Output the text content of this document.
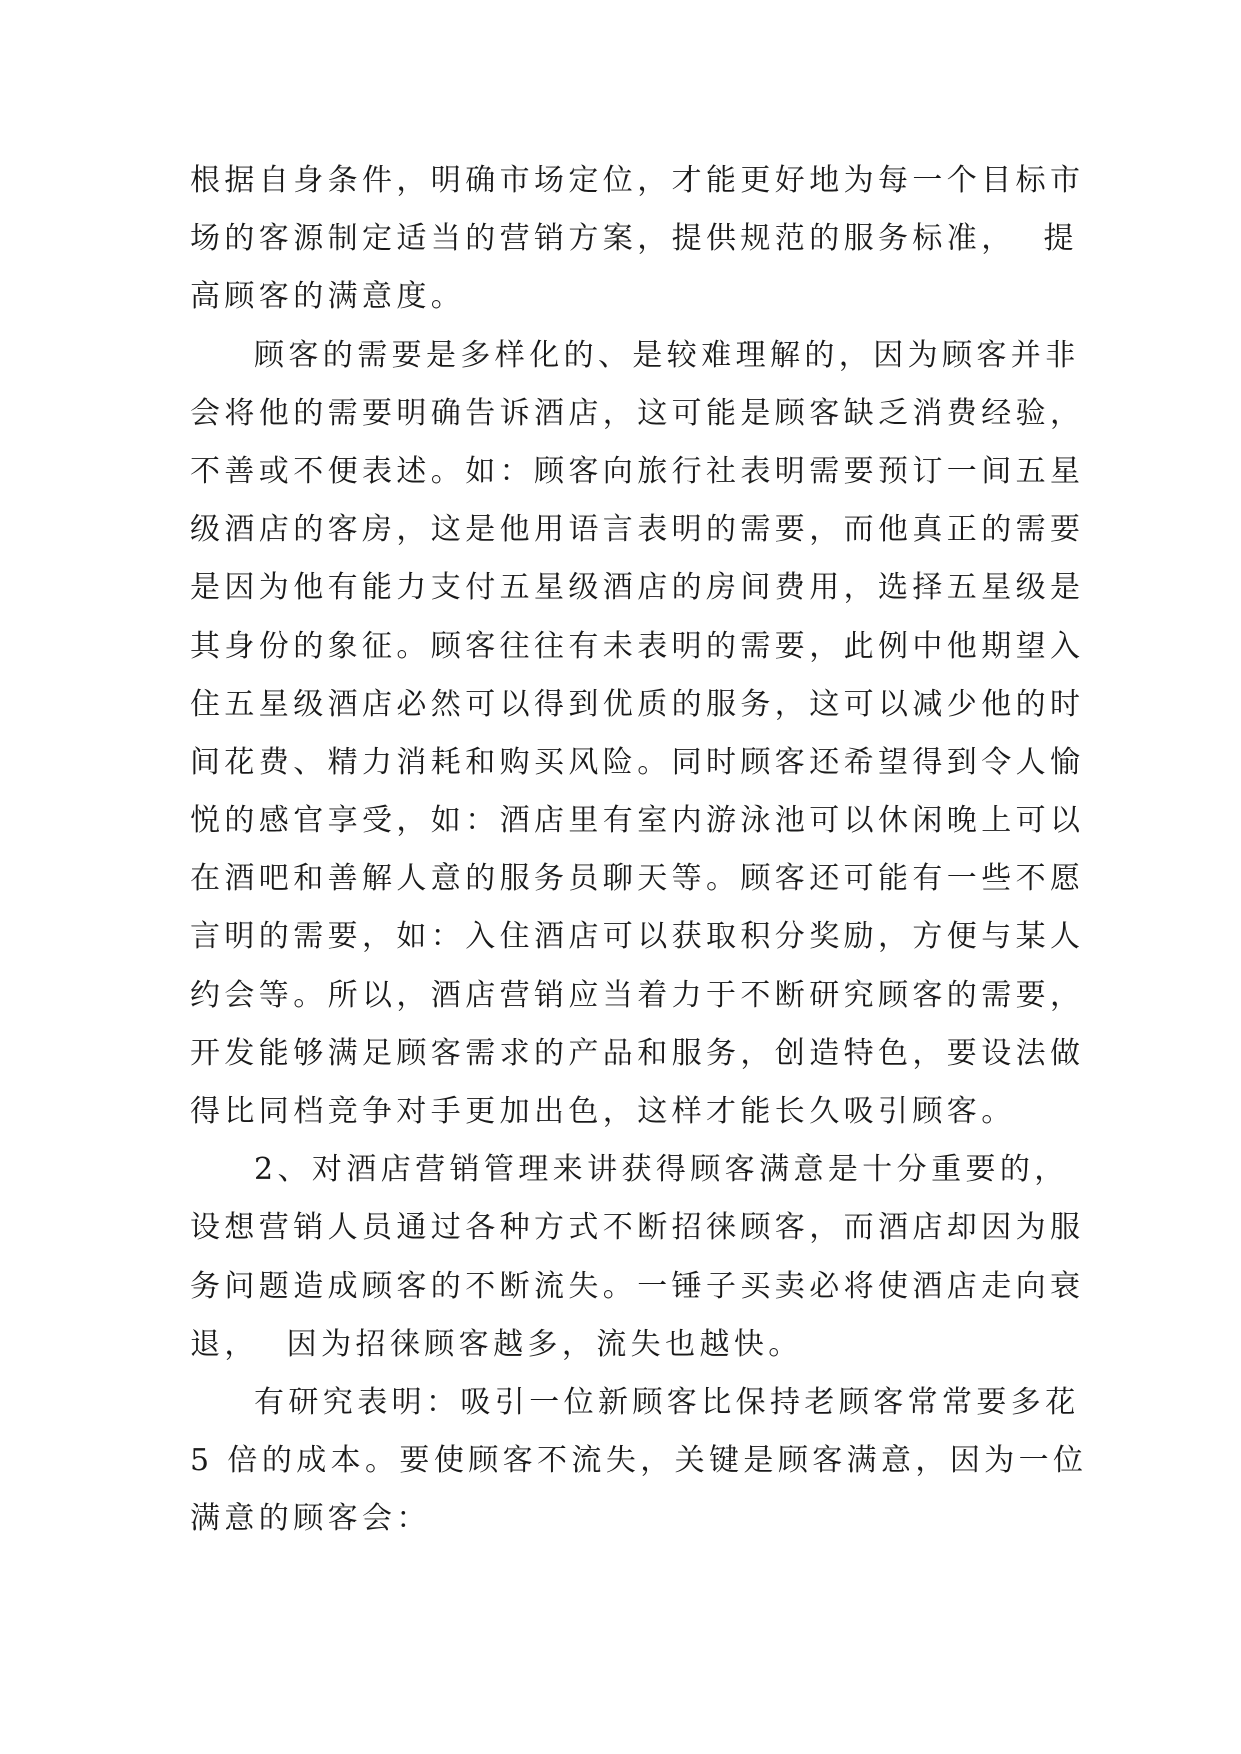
根据自身条件，明确市场定位，才能更好地为每一个目标市
场的客源制定适当的营销方案，提供规范的服务标准，  提
高顾客的满意度。
顾客的需要是多样化的、是较难理解的，因为顾客并非
会将他的需要明确告诉酒店，这可能是顾客缺乏消费经验，
不善或不便表述。如：顾客向旅行社表明需要预订一间五星
级酒店的客房，这是他用语言表明的需要，而他真正的需要
是因为他有能力支付五星级酒店的房间费用，选择五星级是
其身份的象征。顾客往往有未表明的需要，此例中他期望入
住五星级酒店必然可以得到优质的服务，这可以减少他的时
间花费、精力消耗和购买风险。同时顾客还希望得到令人愉
悦的感官享受，如：酒店里有室内游泳池可以休闲晚上可以
在酒吧和善解人意的服务员聊天等。顾客还可能有一些不愿
言明的需要，如：入住酒店可以获取积分奖励，方便与某人
约会等。所以，酒店营销应当着力于不断研究顾客的需要，
开发能够满足顾客需求的产品和服务，创造特色，要设法做
得比同档竞争对手更加出色，这样才能长久吸引顾客。
2、对酒店营销管理来讲获得顾客满意是十分重要的，
设想营销人员通过各种方式不断招徕顾客，而酒店却因为服
务问题造成顾客的不断流失。一锤子买卖必将使酒店走向衰
退，  因为招徕顾客越多，流失也越快。
有研究表明：吸引一位新顾客比保持老顾客常常要多花
5 倍的成本。要使顾客不流失，关键是顾客满意，因为一位
满意的顾客会：
